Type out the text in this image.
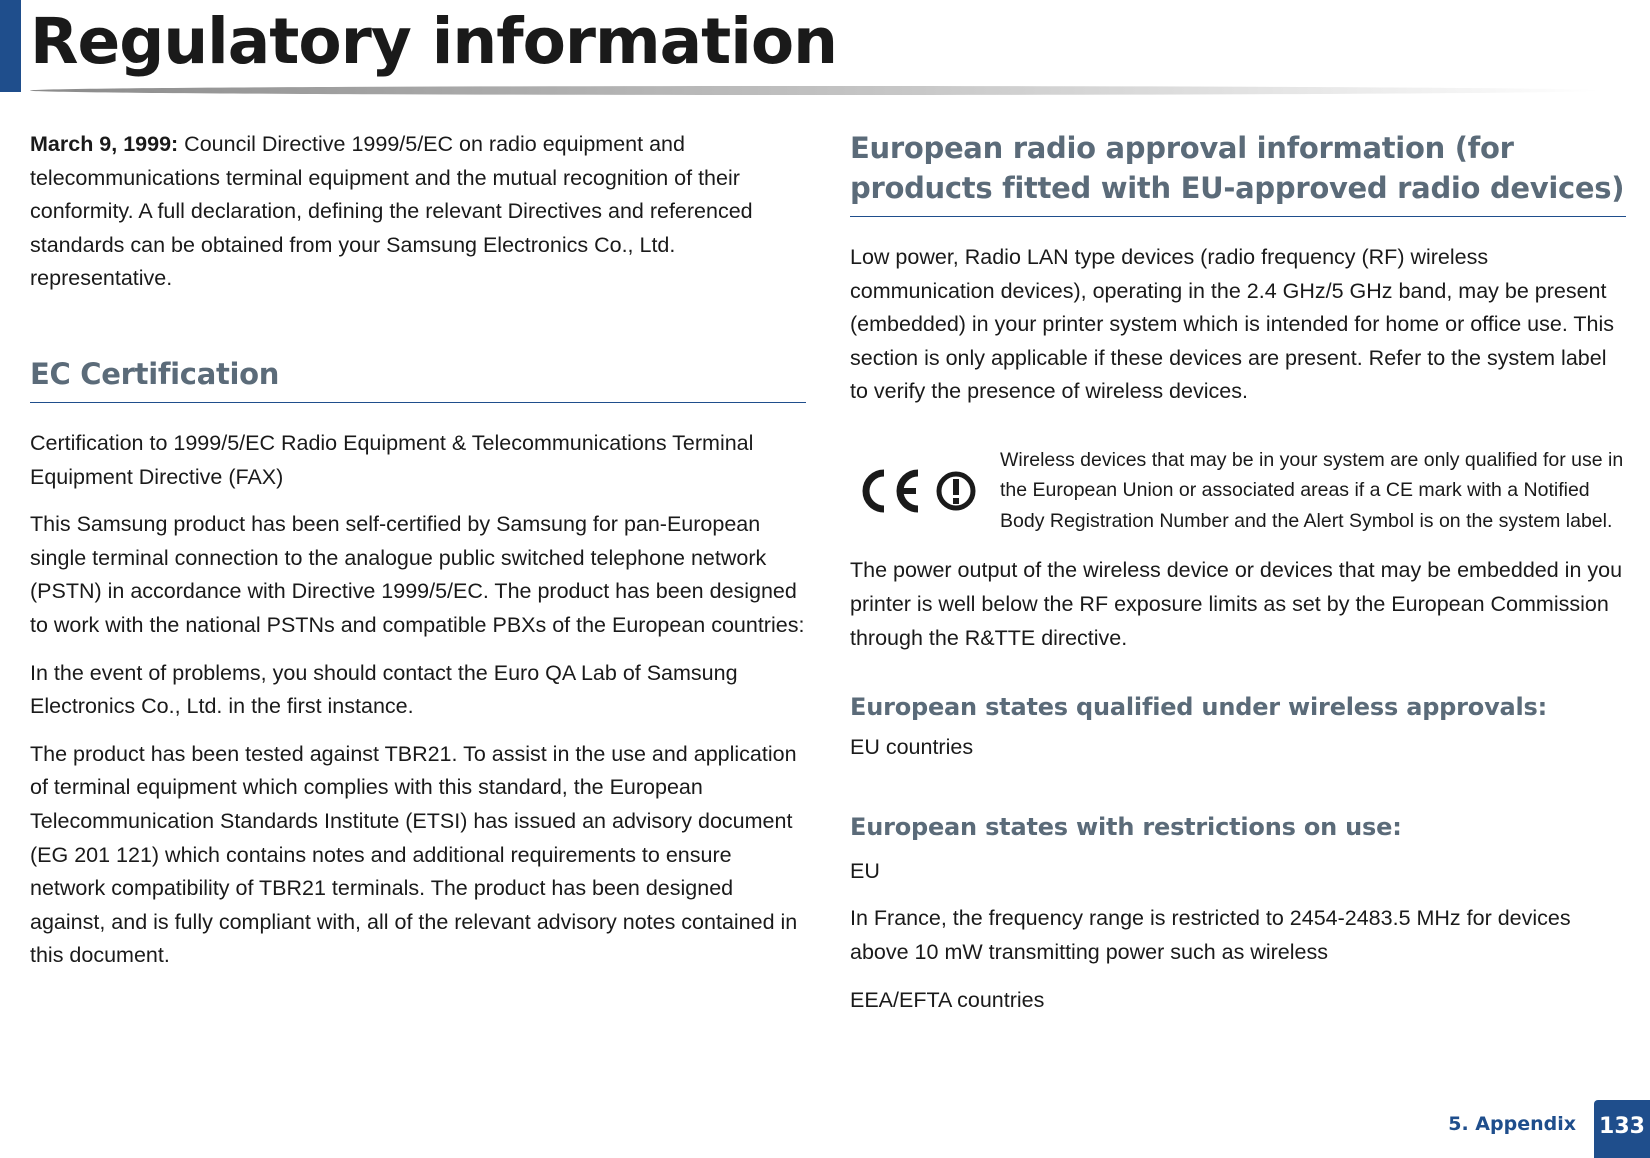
Regulatory information

March 9, 1999: Council Directive 1999/5/EC on radio equipment and telecommunications terminal equipment and the mutual recognition of their conformity. A full declaration, defining the relevant Directives and referenced standards can be obtained from your Samsung Electronics Co., Ltd. representative.

EC Certification

Certification to 1999/5/EC Radio Equipment & Telecommunications Terminal Equipment Directive (FAX)

This Samsung product has been self-certified by Samsung for pan-European single terminal connection to the analogue public switched telephone network (PSTN) in accordance with Directive 1999/5/EC. The product has been designed to work with the national PSTNs and compatible PBXs of the European countries:

In the event of problems, you should contact the Euro QA Lab of Samsung Electronics Co., Ltd. in the first instance.

The product has been tested against TBR21. To assist in the use and application of terminal equipment which complies with this standard, the European Telecommunication Standards Institute (ETSI) has issued an advisory document (EG 201 121) which contains notes and additional requirements to ensure network compatibility of TBR21 terminals. The product has been designed against, and is fully compliant with, all of the relevant advisory notes contained in this document.

European radio approval information (for products fitted with EU-approved radio devices)

Low power, Radio LAN type devices (radio frequency (RF) wireless communication devices), operating in the 2.4 GHz/5 GHz band, may be present (embedded) in your printer system which is intended for home or office use. This section is only applicable if these devices are present. Refer to the system label to verify the presence of wireless devices.

Wireless devices that may be in your system are only qualified for use in the European Union or associated areas if a CE mark with a Notified Body Registration Number and the Alert Symbol is on the system label.

The power output of the wireless device or devices that may be embedded in you printer is well below the RF exposure limits as set by the European Commission through the R&TTE directive.

European states qualified under wireless approvals:

EU countries

European states with restrictions on use:

EU

In France, the frequency range is restricted to 2454-2483.5 MHz for devices above 10 mW transmitting power such as wireless

EEA/EFTA countries

5. Appendix 133
